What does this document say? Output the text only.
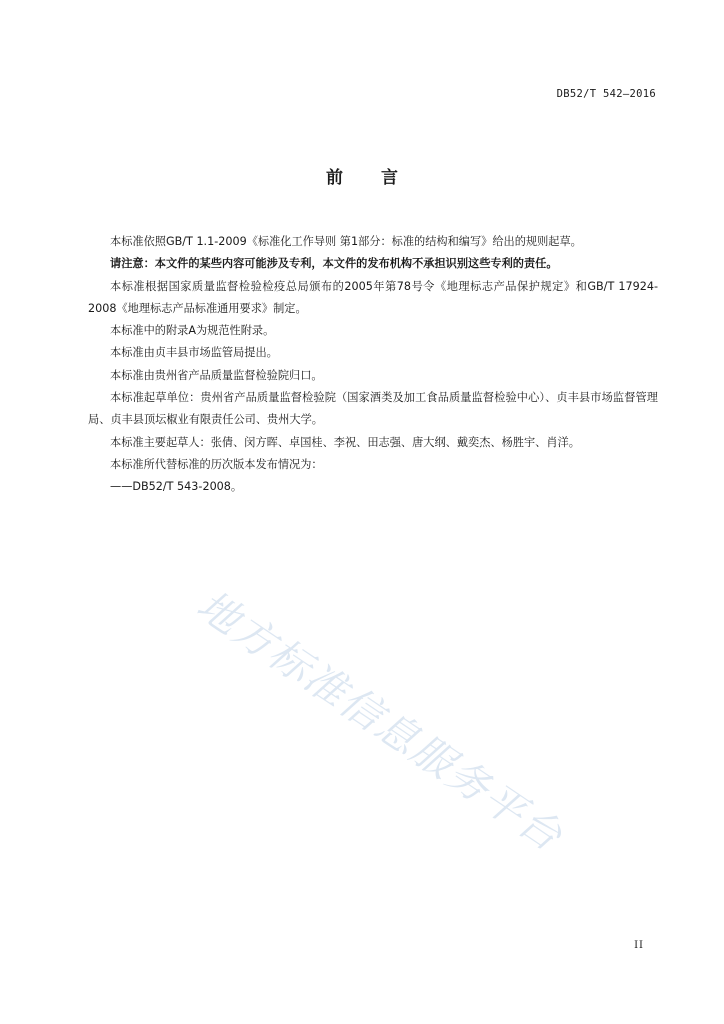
DB52/T 542—2016
前 言

本标准依照GB/T 1.1-2009《标准化工作导则 第1部分：标准的结构和编写》给出的规则起草。

请注意：本文件的某些内容可能涉及专利，本文件的发布机构不承担识别这些专利的责任。

本标准根据国家质量监督检验检疫总局颁布的2005年第78号令《地理标志产品保护规定》和GB/T 17924-2008《地理标志产品标准通用要求》制定。

本标准中的附录A为规范性附录。

本标准由贞丰县市场监管局提出。

本标准由贵州省产品质量监督检验院归口。

本标准起草单位：贵州省产品质量监督检验院（国家酒类及加工食品质量监督检验中心）、贞丰县市场监督管理局、贞丰县顶坛椒业有限责任公司、贵州大学。

本标准主要起草人：张倩、闵方晖、卓国桂、李祝、田志强、唐大纲、戴奕杰、杨胜宇、肖洋。

本标准所代替标准的历次版本发布情况为：

——DB52/T 543-2008。

地方标准信息服务平台
II
